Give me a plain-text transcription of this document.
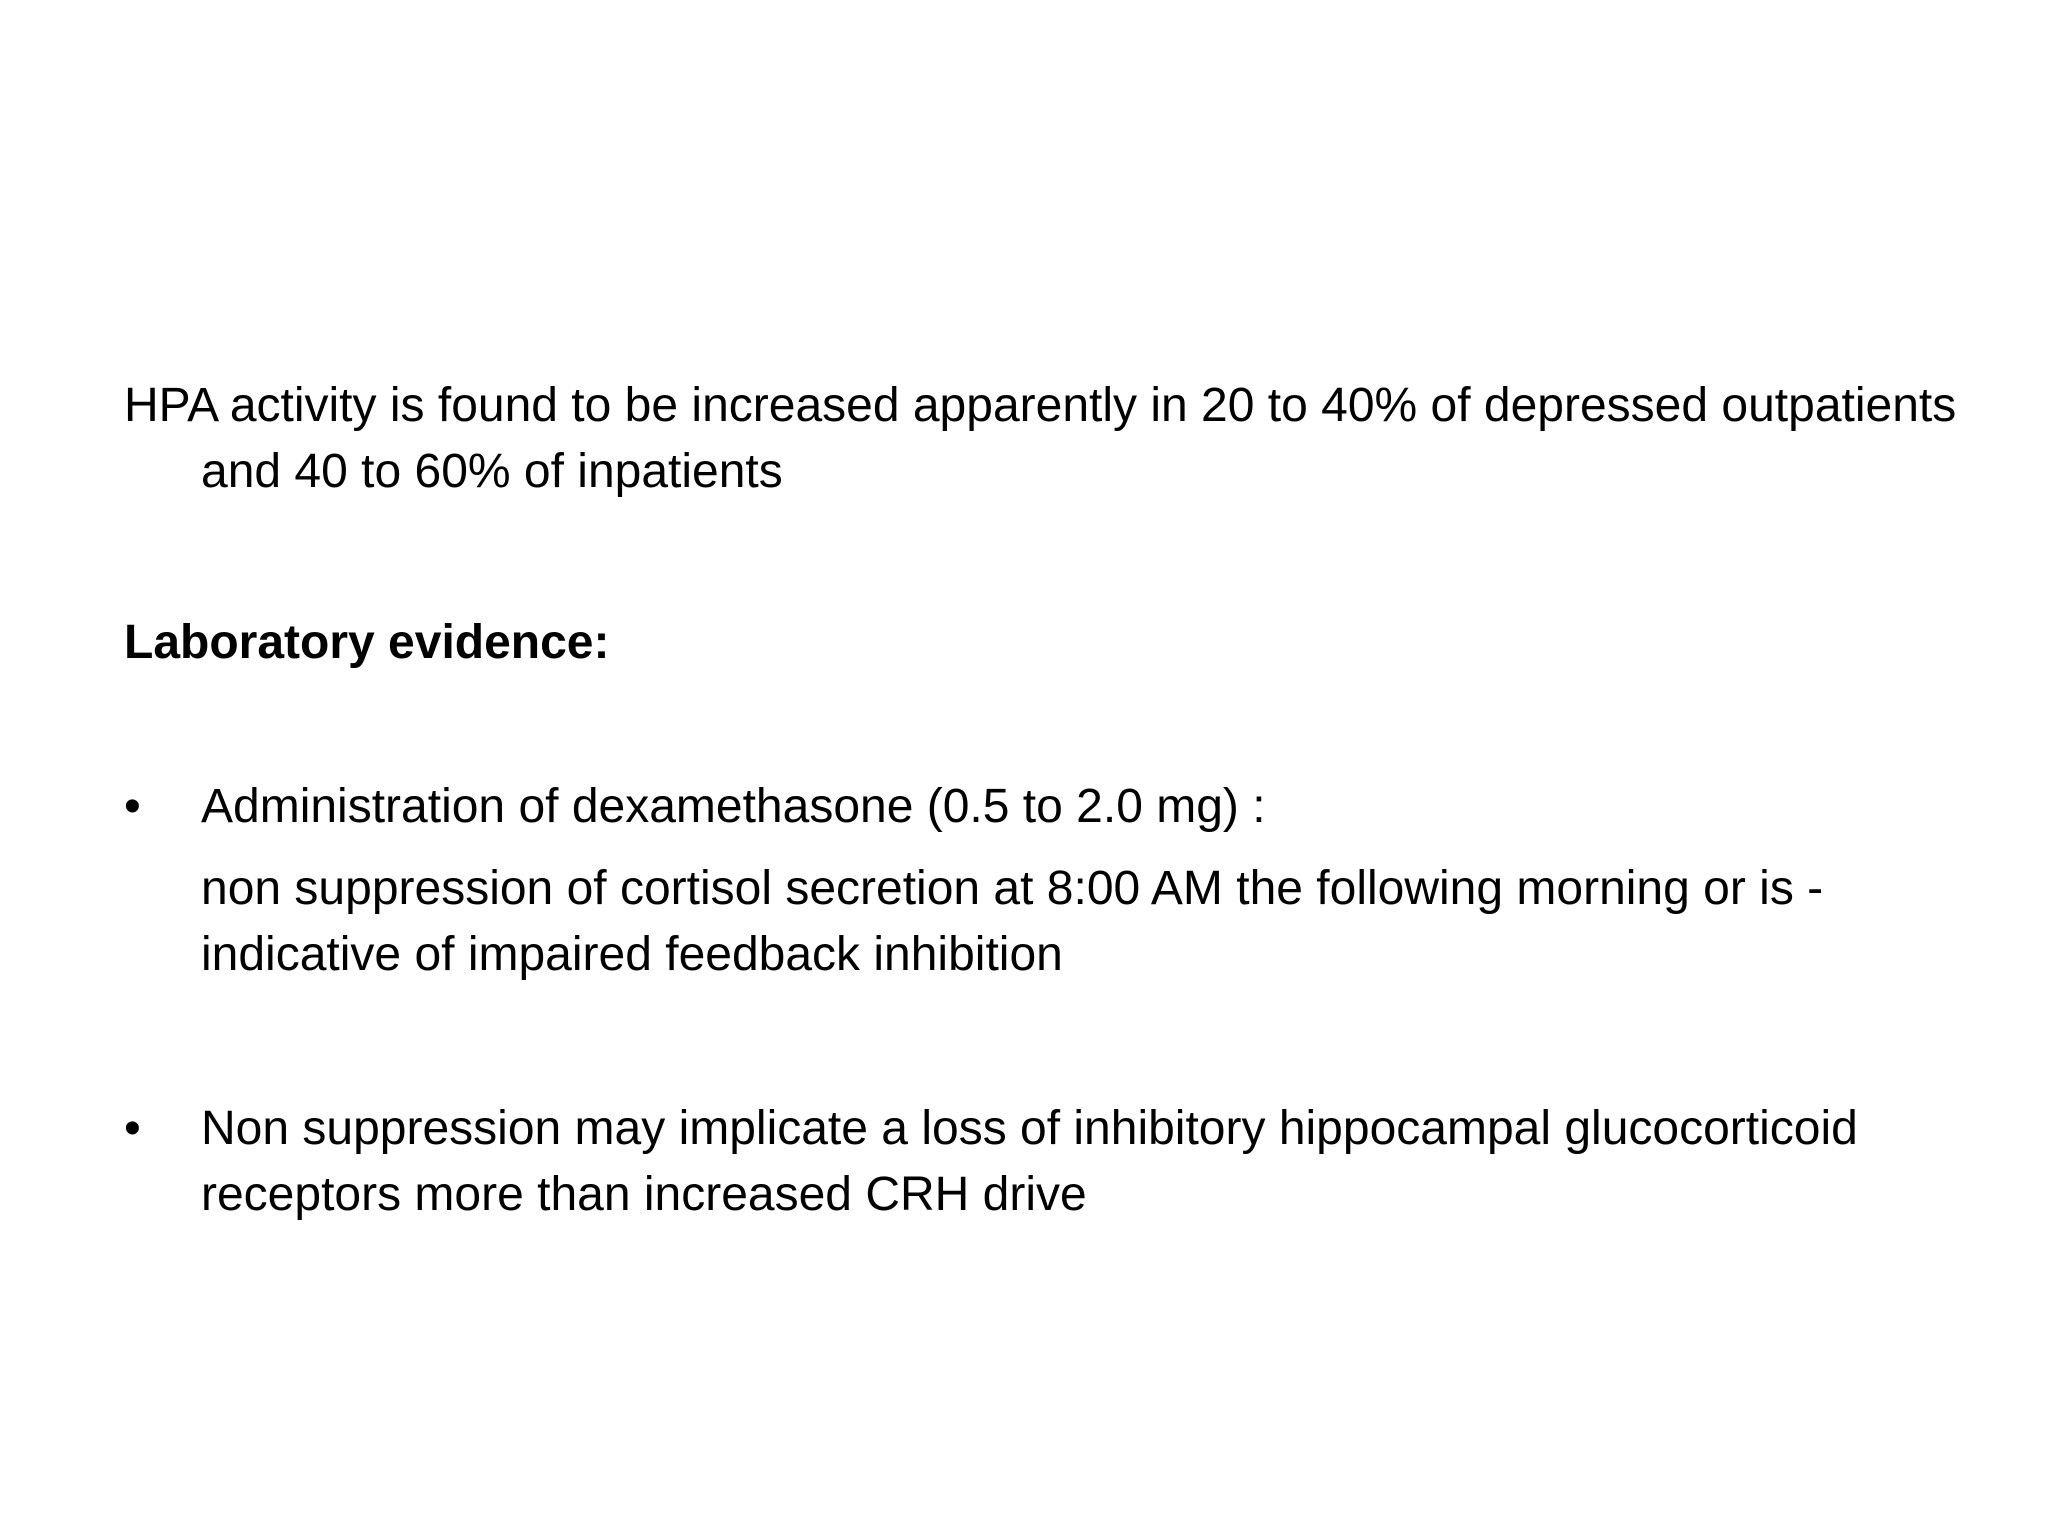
HPA activity is found to be increased apparently in 20 to 40% of depressed outpatients and 40 to 60% of inpatients

Laboratory evidence:

•	Administration of dexamethasone (0.5 to 2.0 mg) :

non suppression of cortisol secretion at 8:00 AM the following morning or is -indicative of impaired feedback inhibition

•	Non suppression may implicate a loss of inhibitory hippocampal glucocorticoid receptors more than increased CRH drive
